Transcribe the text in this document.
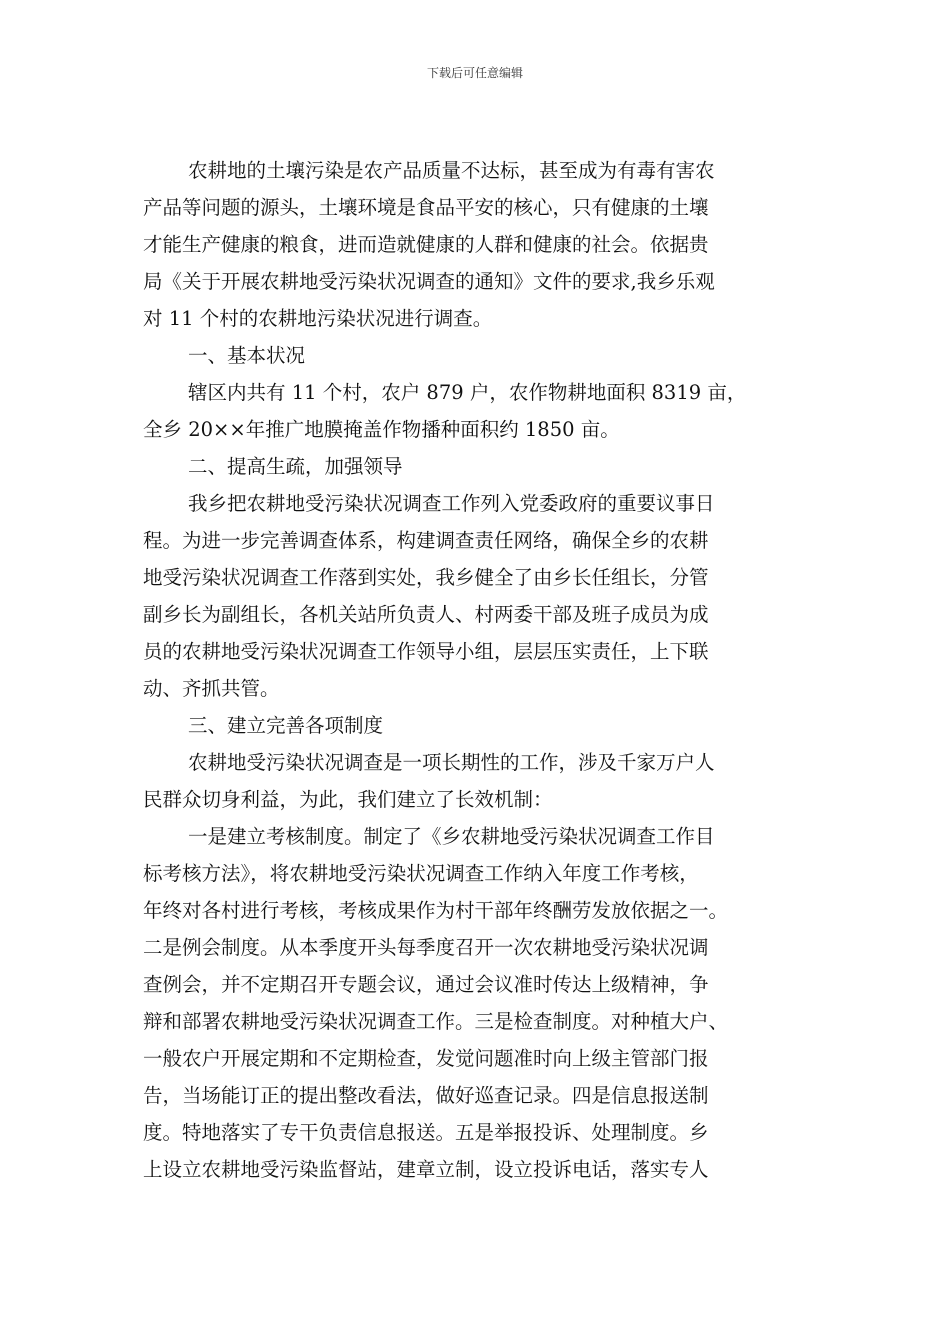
下载后可任意编辑
农耕地的土壤污染是农产品质量不达标，甚至成为有毒有害农
产品等问题的源头，土壤环境是食品平安的核心，只有健康的土壤
才能生产健康的粮食，进而造就健康的人群和健康的社会。依据贵
局《关于开展农耕地受污染状况调查的通知》文件的要求,我乡乐观
对 11 个村的农耕地污染状况进行调查。
一、基本状况
辖区内共有 11 个村，农户 879 户，农作物耕地面积 8319 亩，
全乡 20××年推广地膜掩盖作物播种面积约 1850 亩。
二、提高生疏，加强领导
我乡把农耕地受污染状况调查工作列入党委政府的重要议事日
程。为进一步完善调查体系，构建调查责任网络，确保全乡的农耕
地受污染状况调查工作落到实处，我乡健全了由乡长任组长，分管
副乡长为副组长，各机关站所负责人、村两委干部及班子成员为成
员的农耕地受污染状况调查工作领导小组，层层压实责任，上下联
动、齐抓共管。
三、建立完善各项制度
农耕地受污染状况调查是一项长期性的工作，涉及千家万户人
民群众切身利益，为此，我们建立了长效机制：
一是建立考核制度。制定了《乡农耕地受污染状况调查工作目
标考核方法》，将农耕地受污染状况调查工作纳入年度工作考核，
年终对各村进行考核，考核成果作为村干部年终酬劳发放依据之一。
二是例会制度。从本季度开头每季度召开一次农耕地受污染状况调
查例会，并不定期召开专题会议，通过会议准时传达上级精神，争
辩和部署农耕地受污染状况调查工作。三是检查制度。对种植大户、
一般农户开展定期和不定期检查，发觉问题准时向上级主管部门报
告，当场能订正的提出整改看法，做好巡查记录。四是信息报送制
度。特地落实了专干负责信息报送。五是举报投诉、处理制度。乡
上设立农耕地受污染监督站，建章立制，设立投诉电话，落实专人
